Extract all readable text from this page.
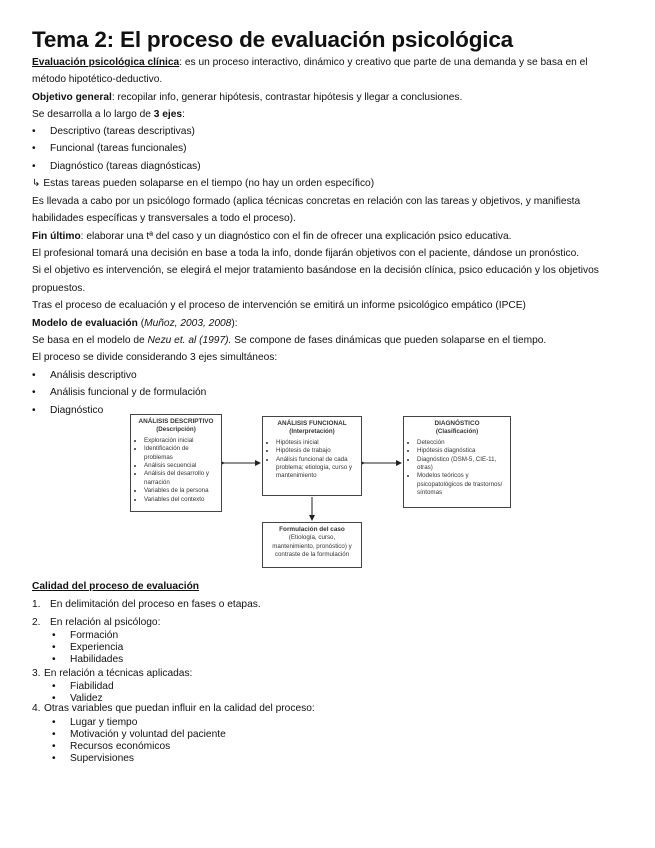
Tema 2: El proceso de evaluación psicológica
Evaluación psicológica clínica: es un proceso interactivo, dinámico y creativo que parte de una demanda y se basa en el
método hipotético-deductivo.
Objetivo general: recopilar info, generar hipótesis, contrastar hipótesis y llegar a conclusiones.
Se desarrolla a lo largo de 3 ejes:
• Descriptivo (tareas descriptivas)
• Funcional (tareas funcionales)
• Diagnóstico (tareas diagnósticas)
↳ Estas tareas pueden solaparse en el tiempo (no hay un orden específico)
Es llevada a cabo por un psicólogo formado (aplica técnicas concretas en relación con las tareas y objetivos, y manifiesta
habilidades específicas y transversales a todo el proceso).
Fin último: elaborar una tª del caso y un diagnóstico con el fin de ofrecer una explicación psico educativa.
El profesional tomará una decisión en base a toda la info, donde fijarán objetivos con el paciente, dándose un pronóstico.
Si el objetivo es intervención, se elegirá el mejor tratamiento basándose en la decisión clínica, psico educación y los objetivos
propuestos.
Tras el proceso de ecaluación y el proceso de intervención se emitirá un informe psicológico empático (IPCE)
Modelo de evaluación (Muñoz, 2003, 2008):
Se basa en el modelo de Nezu et. al (1997). Se compone de fases dinámicas que pueden solaparse en el tiempo.
El proceso se divide considerando 3 ejes simultáneos:
• Análisis descriptivo
• Análisis funcional y de formulación
• Diagnóstico
ANÁLISIS DESCRIPTIVO
(Descripción)
• Exploración inicial
• Identificación de problemas
• Análisis secuencial
• Análisis del desarrollo y narración
• Variables de la persona
• Variables del contexto
ANÁLISIS FUNCIONAL
(Interpretación)
• Hipótesis inicial
• Hipótesis de trabajo
• Análisis funcional de cada problema; etiología, curso y mantenimiento
DIAGNÓSTICO
(Clasificación)
• Detección
• Hipótesis diagnóstica
• Diagnóstico (DSM-5, CIE-11, otras)
• Modelos teóricos y psicopatológicos de trastornos/ síntomas
Formulación del caso
(Etiología, curso, mantenimiento, pronóstico) y contraste de la formulación
Calidad del proceso de evaluación
1. En delimitación del proceso en fases o etapas.
2. En relación al psicólogo:
• Formación
• Experiencia
• Habilidades
3. En relación a técnicas aplicadas:
• Fiabilidad
• Validez
4. Otras variables que puedan influir en la calidad del proceso:
• Lugar y tiempo
• Motivación y voluntad del paciente
• Recursos económicos
• Supervisiones
